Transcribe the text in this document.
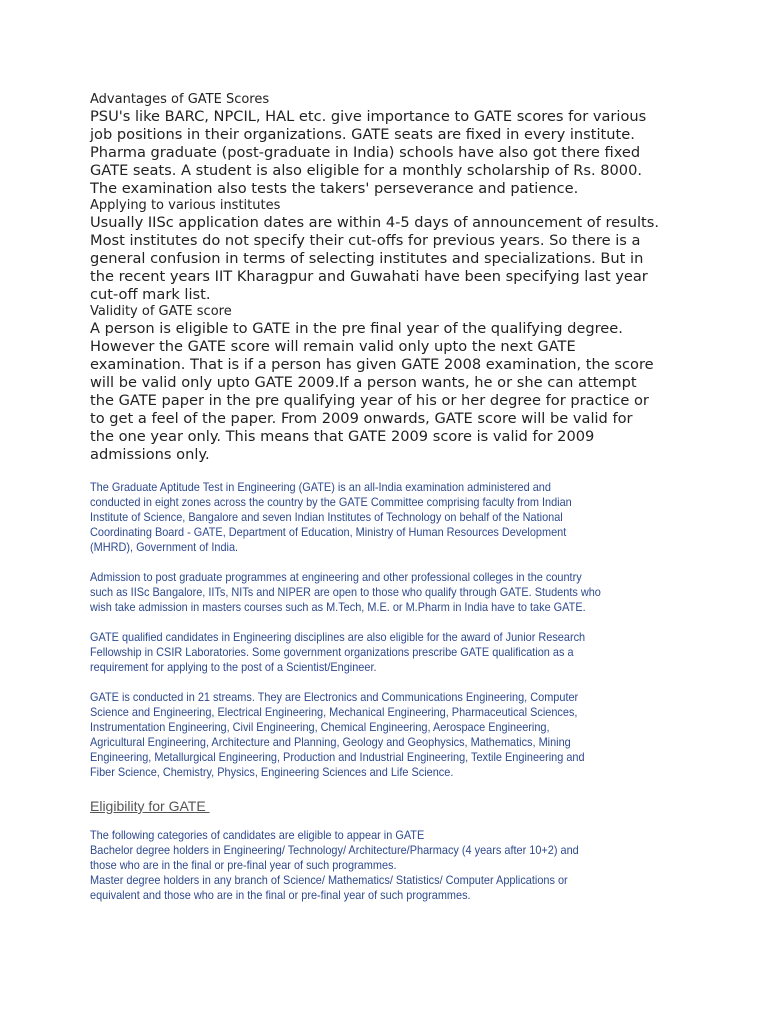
Advantages of GATE Scores

PSU's like BARC, NPCIL, HAL etc. give importance to GATE scores for various

job positions in their organizations. GATE seats are fixed in every institute.

Pharma graduate (post-graduate in India) schools have also got there fixed

GATE seats. A student is also eligible for a monthly scholarship of Rs. 8000.

The examination also tests the takers' perseverance and patience.

Applying to various institutes

Usually IISc application dates are within 4-5 days of announcement of results.

Most institutes do not specify their cut-offs for previous years. So there is a

general confusion in terms of selecting institutes and specializations. But in

the recent years IIT Kharagpur and Guwahati have been specifying last year

cut-off mark list.

Validity of GATE score

A person is eligible to GATE in the pre final year of the qualifying degree.

However the GATE score will remain valid only upto the next GATE

examination. That is if a person has given GATE 2008 examination, the score

will be valid only upto GATE 2009.If a person wants, he or she can attempt

the GATE paper in the pre qualifying year of his or her degree for practice or

to get a feel of the paper. From 2009 onwards, GATE score will be valid for

the one year only. This means that GATE 2009 score is valid for 2009

admissions only.

The Graduate Aptitude Test in Engineering (GATE) is an all-India examination administered and
conducted in eight zones across the country by the GATE Committee comprising faculty from Indian
Institute of Science, Bangalore and seven Indian Institutes of Technology on behalf of the National
Coordinating Board - GATE, Department of Education, Ministry of Human Resources Development
(MHRD), Government of India.
Admission to post graduate programmes at engineering and other professional colleges in the country
such as IISc Bangalore, IITs, NITs and NIPER are open to those who qualify through GATE. Students who
wish take admission in masters courses such as M.Tech, M.E. or M.Pharm in India have to take GATE.
GATE qualified candidates in Engineering disciplines are also eligible for the award of Junior Research
Fellowship in CSIR Laboratories. Some government organizations prescribe GATE qualification as a
requirement for applying to the post of a Scientist/Engineer.
GATE is conducted in 21 streams. They are Electronics and Communications Engineering, Computer
Science and Engineering, Electrical Engineering, Mechanical Engineering, Pharmaceutical Sciences,
Instrumentation Engineering, Civil Engineering, Chemical Engineering, Aerospace Engineering,
Agricultural Engineering, Architecture and Planning, Geology and Geophysics, Mathematics, Mining
Engineering, Metallurgical Engineering, Production and Industrial Engineering, Textile Engineering and
Fiber Science, Chemistry, Physics, Engineering Sciences and Life Science.

Eligibility for GATE

The following categories of candidates are eligible to appear in GATE
Bachelor degree holders in Engineering/ Technology/ Architecture/Pharmacy (4 years after 10+2) and
those who are in the final or pre-final year of such programmes.
Master degree holders in any branch of Science/ Mathematics/ Statistics/ Computer Applications or
equivalent and those who are in the final or pre-final year of such programmes.
